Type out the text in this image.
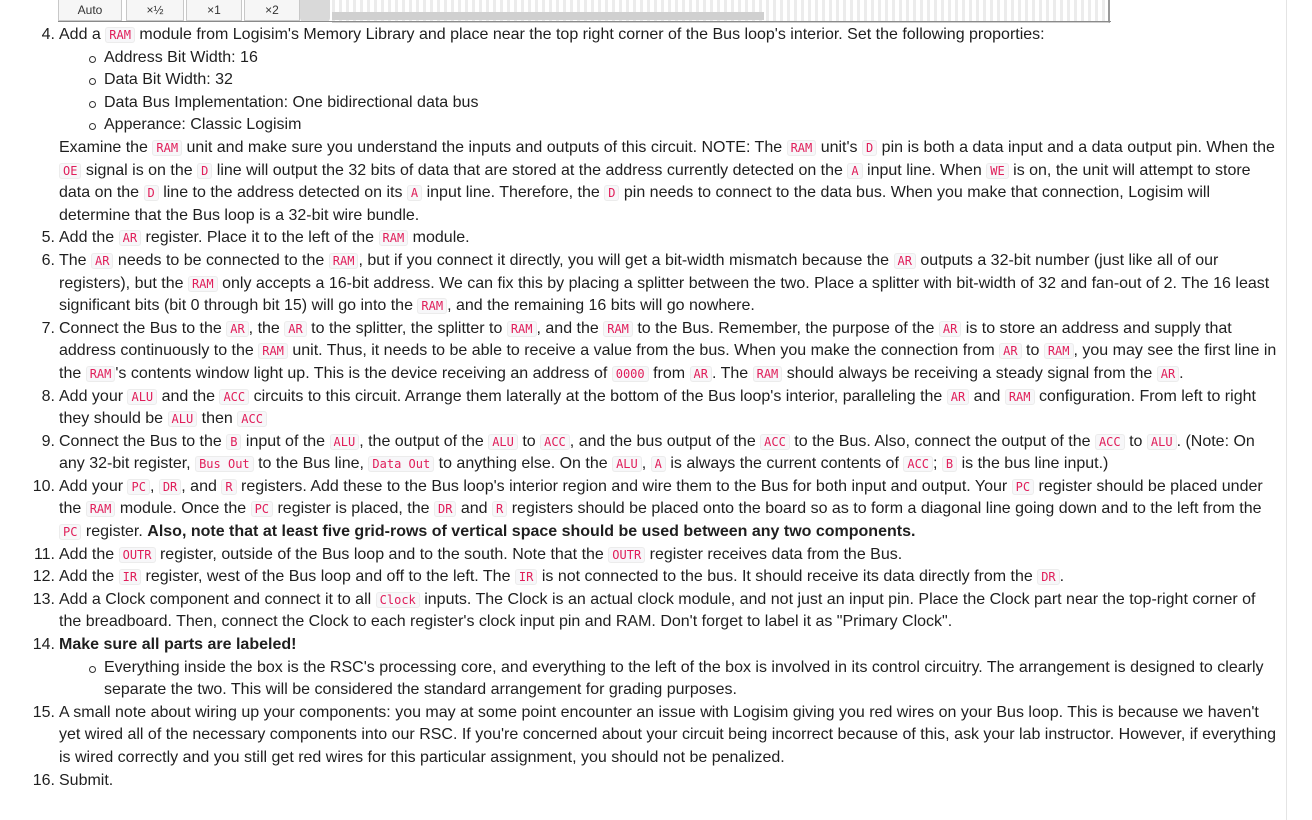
Auto	×½	×1	×2
4. Add a RAM module from Logisim's Memory Library and place near the top right corner of the Bus loop's interior. Set the following proporties:
Address Bit Width: 16
Data Bit Width: 32
Data Bus Implementation: One bidirectional data bus
Apperance: Classic Logisim
Examine the RAM unit and make sure you understand the inputs and outputs of this circuit. NOTE: The RAM unit's D pin is both a data input and a data output pin. When the OE signal is on the D line will output the 32 bits of data that are stored at the address currently detected on the A input line. When WE is on, the unit will attempt to store data on the D line to the address detected on its A input line. Therefore, the D pin needs to connect to the data bus. When you make that connection, Logisim will determine that the Bus loop is a 32-bit wire bundle.
5. Add the AR register. Place it to the left of the RAM module.
6. The AR needs to be connected to the RAM , but if you connect it directly, you will get a bit-width mismatch because the AR outputs a 32-bit number (just like all of our registers), but the RAM only accepts a 16-bit address. We can fix this by placing a splitter between the two. Place a splitter with bit-width of 32 and fan-out of 2. The 16 least significant bits (bit 0 through bit 15) will go into the RAM , and the remaining 16 bits will go nowhere.
7. Connect the Bus to the AR , the AR to the splitter, the splitter to RAM , and the RAM to the Bus. Remember, the purpose of the AR is to store an address and supply that address continuously to the RAM unit. Thus, it needs to be able to receive a value from the bus. When you make the connection from AR to RAM , you may see the first line in the RAM 's contents window light up. This is the device receiving an address of 0000 from AR . The RAM should always be receiving a steady signal from the AR .
8. Add your ALU and the ACC circuits to this circuit. Arrange them laterally at the bottom of the Bus loop's interior, paralleling the AR and RAM configuration. From left to right they should be ALU then ACC
9. Connect the Bus to the B input of the ALU , the output of the ALU to ACC , and the bus output of the ACC to the Bus. Also, connect the output of the ACC to ALU . (Note: On any 32-bit register, Bus Out to the Bus line, Data Out to anything else. On the ALU , A is always the current contents of ACC ; B is the bus line input.)
10. Add your PC , DR , and R registers. Add these to the Bus loop's interior region and wire them to the Bus for both input and output. Your PC register should be placed under the RAM module. Once the PC register is placed, the DR and R registers should be placed onto the board so as to form a diagonal line going down and to the left from the PC register. Also, note that at least five grid-rows of vertical space should be used between any two components.
11. Add the OUTR register, outside of the Bus loop and to the south. Note that the OUTR register receives data from the Bus.
12. Add the IR register, west of the Bus loop and off to the left. The IR is not connected to the bus. It should receive its data directly from the DR .
13. Add a Clock component and connect it to all Clock inputs. The Clock is an actual clock module, and not just an input pin. Place the Clock part near the top-right corner of the breadboard. Then, connect the Clock to each register's clock input pin and RAM. Don't forget to label it as "Primary Clock".
14. Make sure all parts are labeled!
Everything inside the box is the RSC's processing core, and everything to the left of the box is involved in its control circuitry. The arrangement is designed to clearly separate the two. This will be considered the standard arrangement for grading purposes.
15. A small note about wiring up your components: you may at some point encounter an issue with Logisim giving you red wires on your Bus loop. This is because we haven't yet wired all of the necessary components into our RSC. If you're concerned about your circuit being incorrect because of this, ask your lab instructor. However, if everything is wired correctly and you still get red wires for this particular assignment, you should not be penalized.
16. Submit.
